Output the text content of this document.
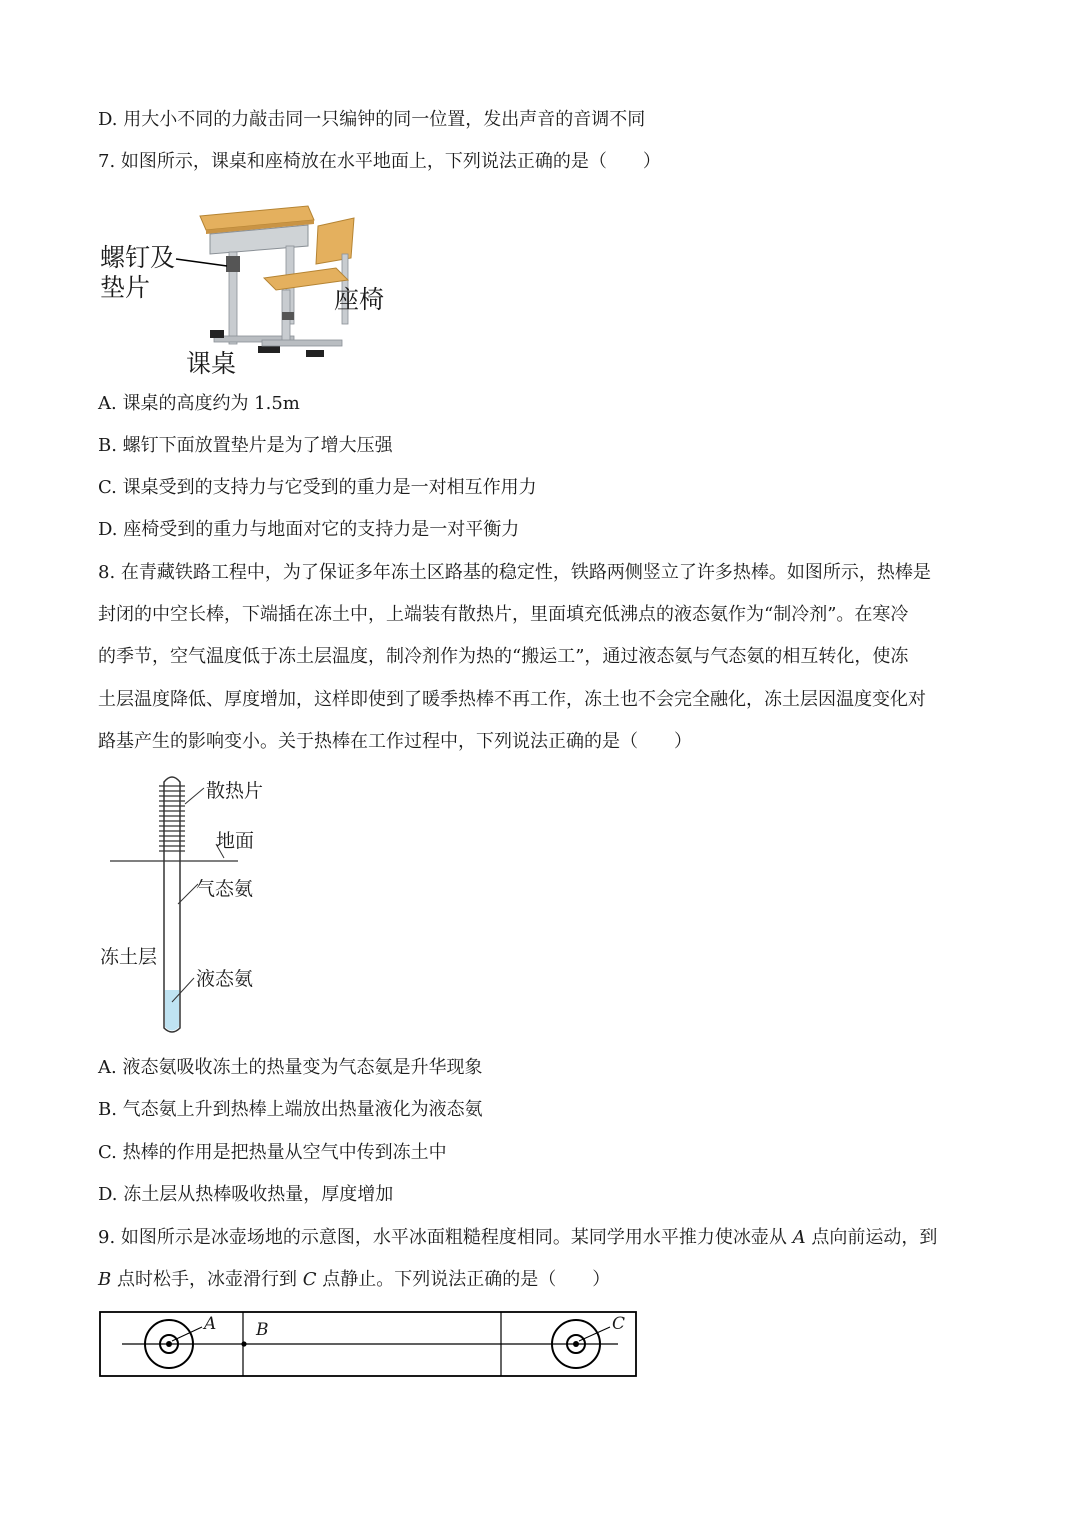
D. 用大小不同的力敲击同一只编钟的同一位置，发出声音的音调不同
7. 如图所示，课桌和座椅放在水平地面上，下列说法正确的是（　　）
螺钉及
垫片	座椅
课桌
A. 课桌的高度约为 1.5m
B. 螺钉下面放置垫片是为了增大压强
C. 课桌受到的支持力与它受到的重力是一对相互作用力
D. 座椅受到的重力与地面对它的支持力是一对平衡力
8. 在青藏铁路工程中，为了保证多年冻土区路基的稳定性，铁路两侧竖立了许多热棒。如图所示，热棒是
封闭的中空长棒，下端插在冻土中，上端装有散热片，里面填充低沸点的液态氨作为“制冷剂”。在寒冷
的季节，空气温度低于冻土层温度，制冷剂作为热的“搬运工”，通过液态氨与气态氨的相互转化，使冻
土层温度降低、厚度增加，这样即使到了暖季热棒不再工作，冻土也不会完全融化，冻土层因温度变化对
路基产生的影响变小。关于热棒在工作过程中，下列说法正确的是（　　）
散热片
地面
气态氨
冻土层
液态氨
A. 液态氨吸收冻土的热量变为气态氨是升华现象
B. 气态氨上升到热棒上端放出热量液化为液态氨
C. 热棒的作用是把热量从空气中传到冻土中
D. 冻土层从热棒吸收热量，厚度增加
9. 如图所示是冰壶场地的示意图，水平冰面粗糙程度相同。某同学用水平推力使冰壶从 A 点向前运动，到
B 点时松手，冰壶滑行到 C 点静止。下列说法正确的是（　　）
A B	C
